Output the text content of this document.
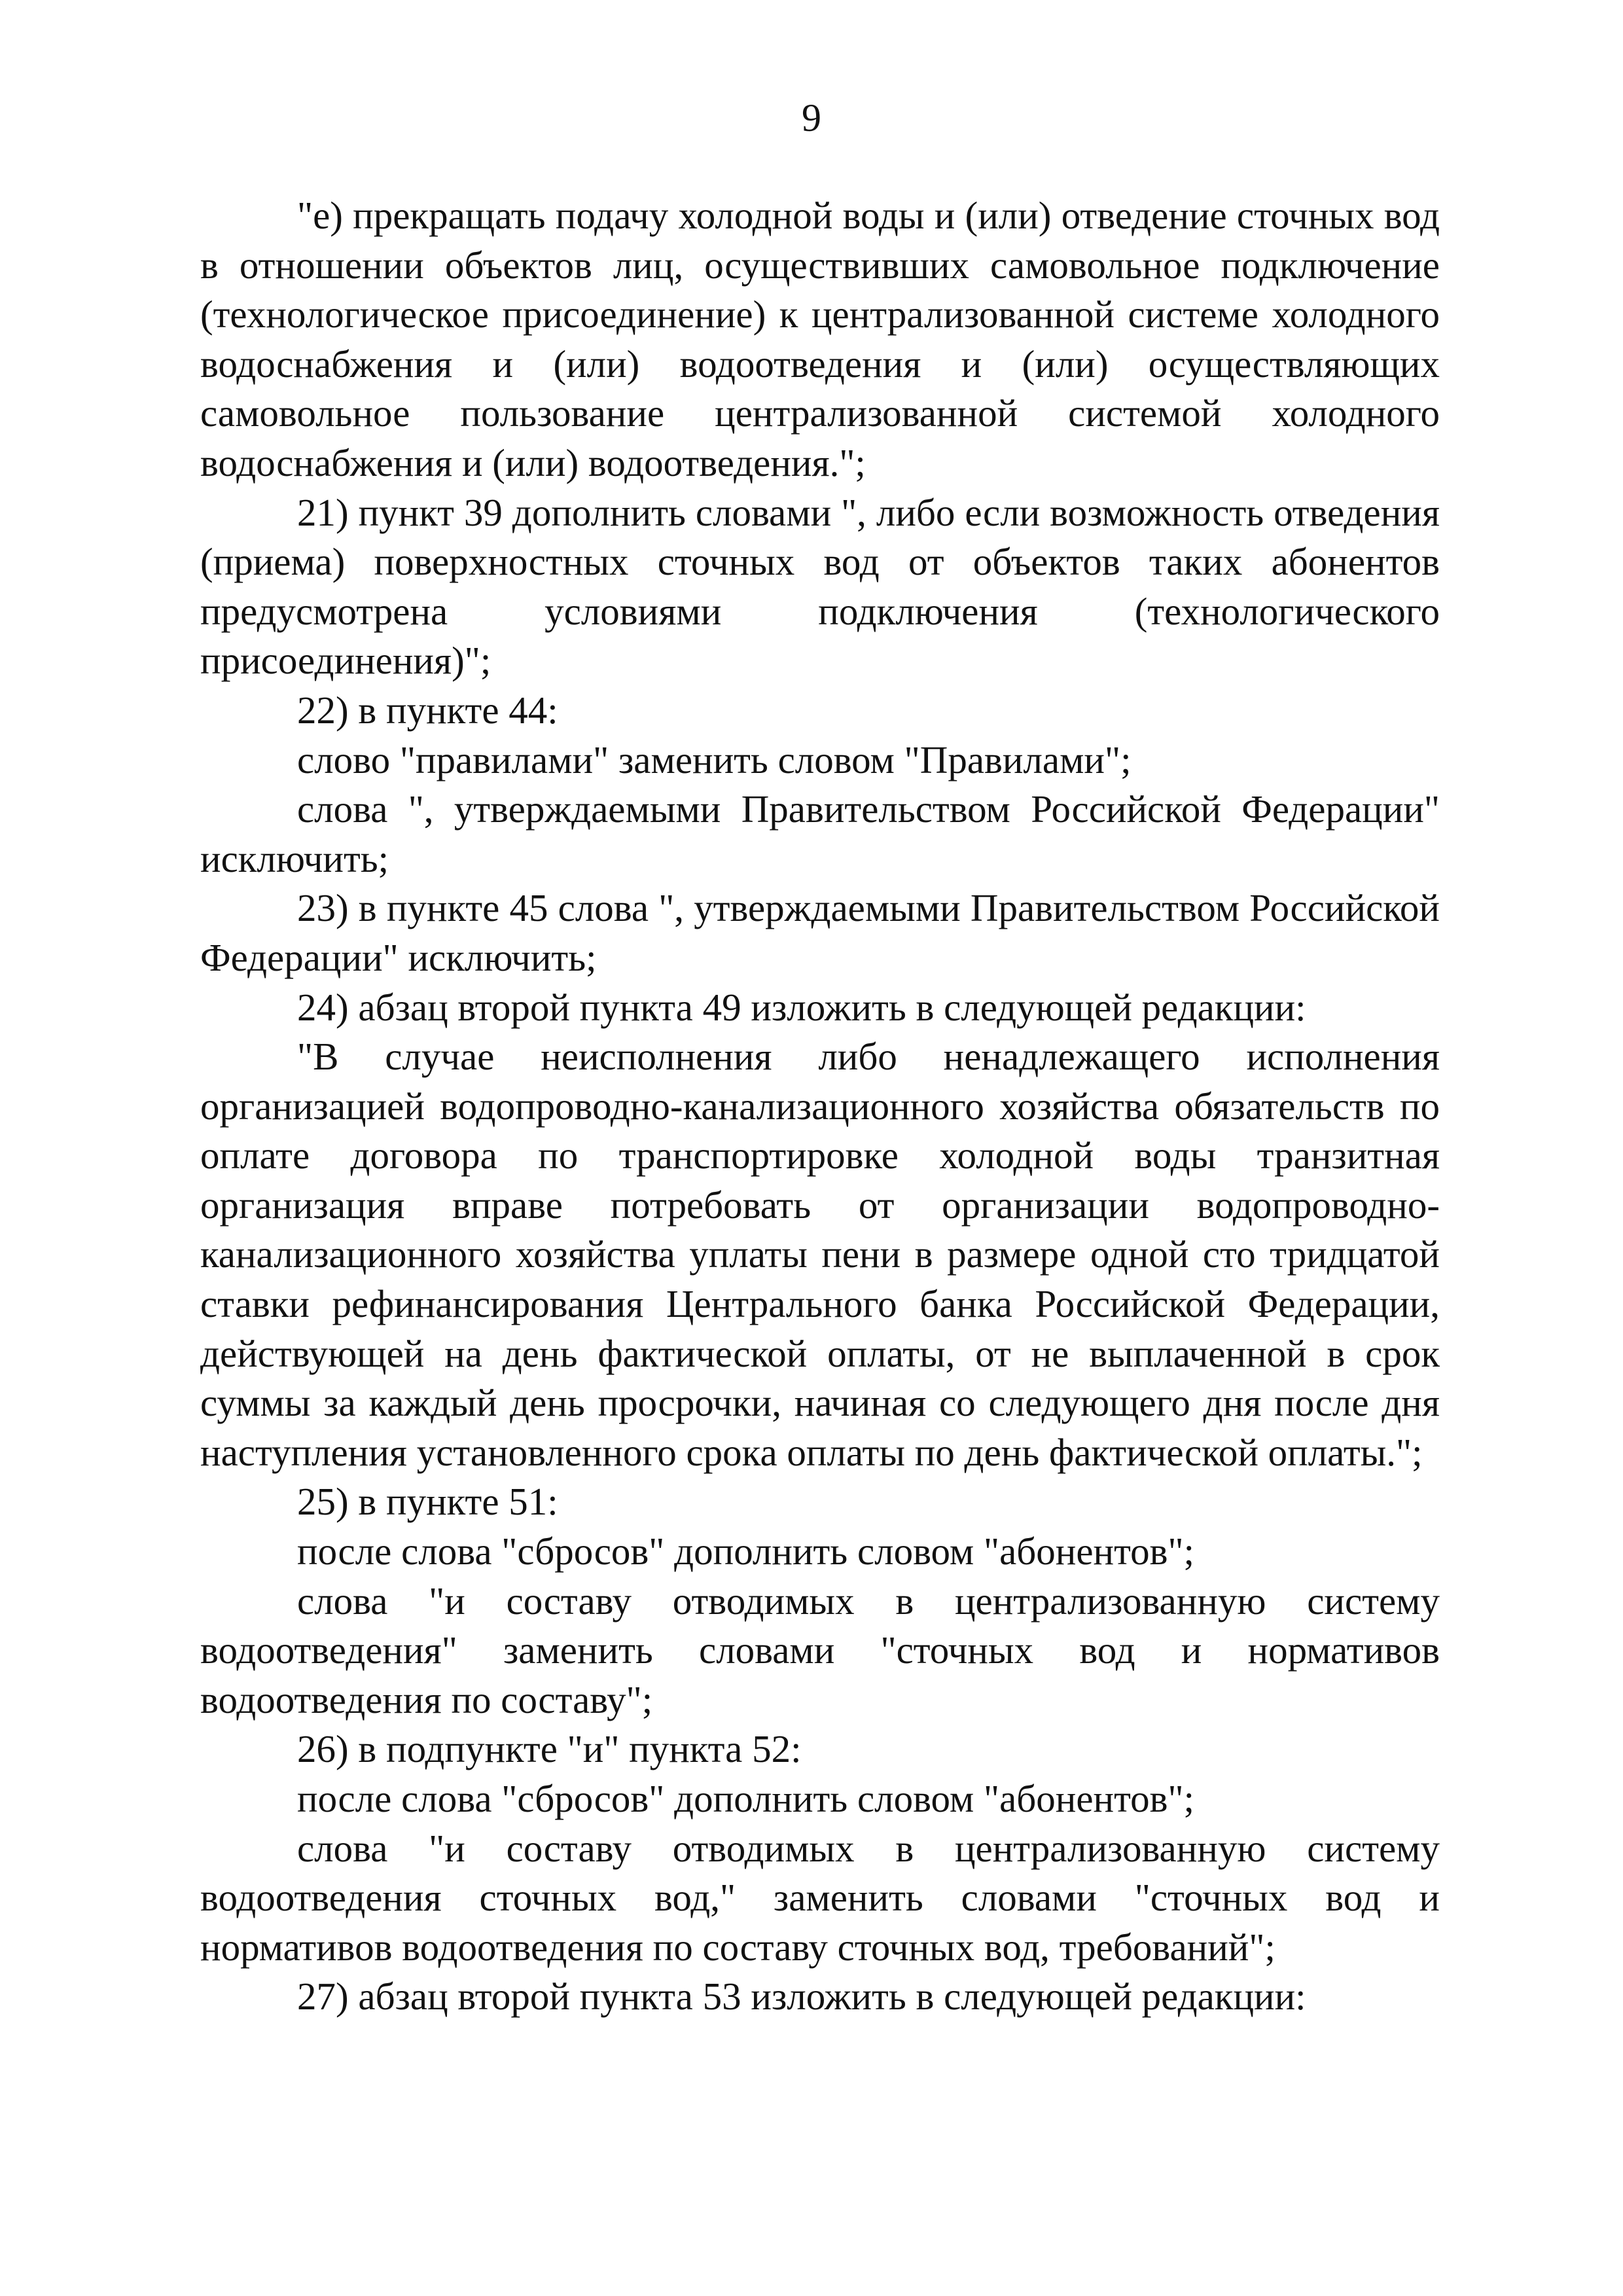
9

"е) прекращать подачу холодной воды и (или) отведение сточных вод в отношении объектов лиц, осуществивших самовольное подключение (технологическое присоединение) к централизованной системе холодного водоснабжения и (или) водоотведения и (или) осуществляющих самовольное пользование централизованной системой холодного водоснабжения и (или) водоотведения.";

21) пункт 39 дополнить словами ", либо если возможность отведения (приема) поверхностных сточных вод от объектов таких абонентов предусмотрена условиями подключения (технологического присоединения)";

22) в пункте 44:

слово "правилами" заменить словом "Правилами";

слова ", утверждаемыми Правительством Российской Федерации" исключить;

23) в пункте 45 слова ", утверждаемыми Правительством Российской Федерации" исключить;

24) абзац второй пункта 49 изложить в следующей редакции:

"В случае неисполнения либо ненадлежащего исполнения организацией водопроводно-канализационного хозяйства обязательств по оплате договора по транспортировке холодной воды транзитная организация вправе потребовать от организации водопроводно-канализационного хозяйства уплаты пени в размере одной сто тридцатой ставки рефинансирования Центрального банка Российской Федерации, действующей на день фактической оплаты, от не выплаченной в срок суммы за каждый день просрочки, начиная со следующего дня после дня наступления установленного срока оплаты по день фактической оплаты.";

25) в пункте 51:

после слова "сбросов" дополнить словом "абонентов";

слова "и составу отводимых в централизованную систему водоотведения" заменить словами "сточных вод и нормативов водоотведения по составу";

26) в подпункте "и" пункта 52:

после слова "сбросов" дополнить словом "абонентов";

слова "и составу отводимых в централизованную систему водоотведения сточных вод," заменить словами "сточных вод и нормативов водоотведения по составу сточных вод, требований";

27) абзац второй пункта 53 изложить в следующей редакции:
